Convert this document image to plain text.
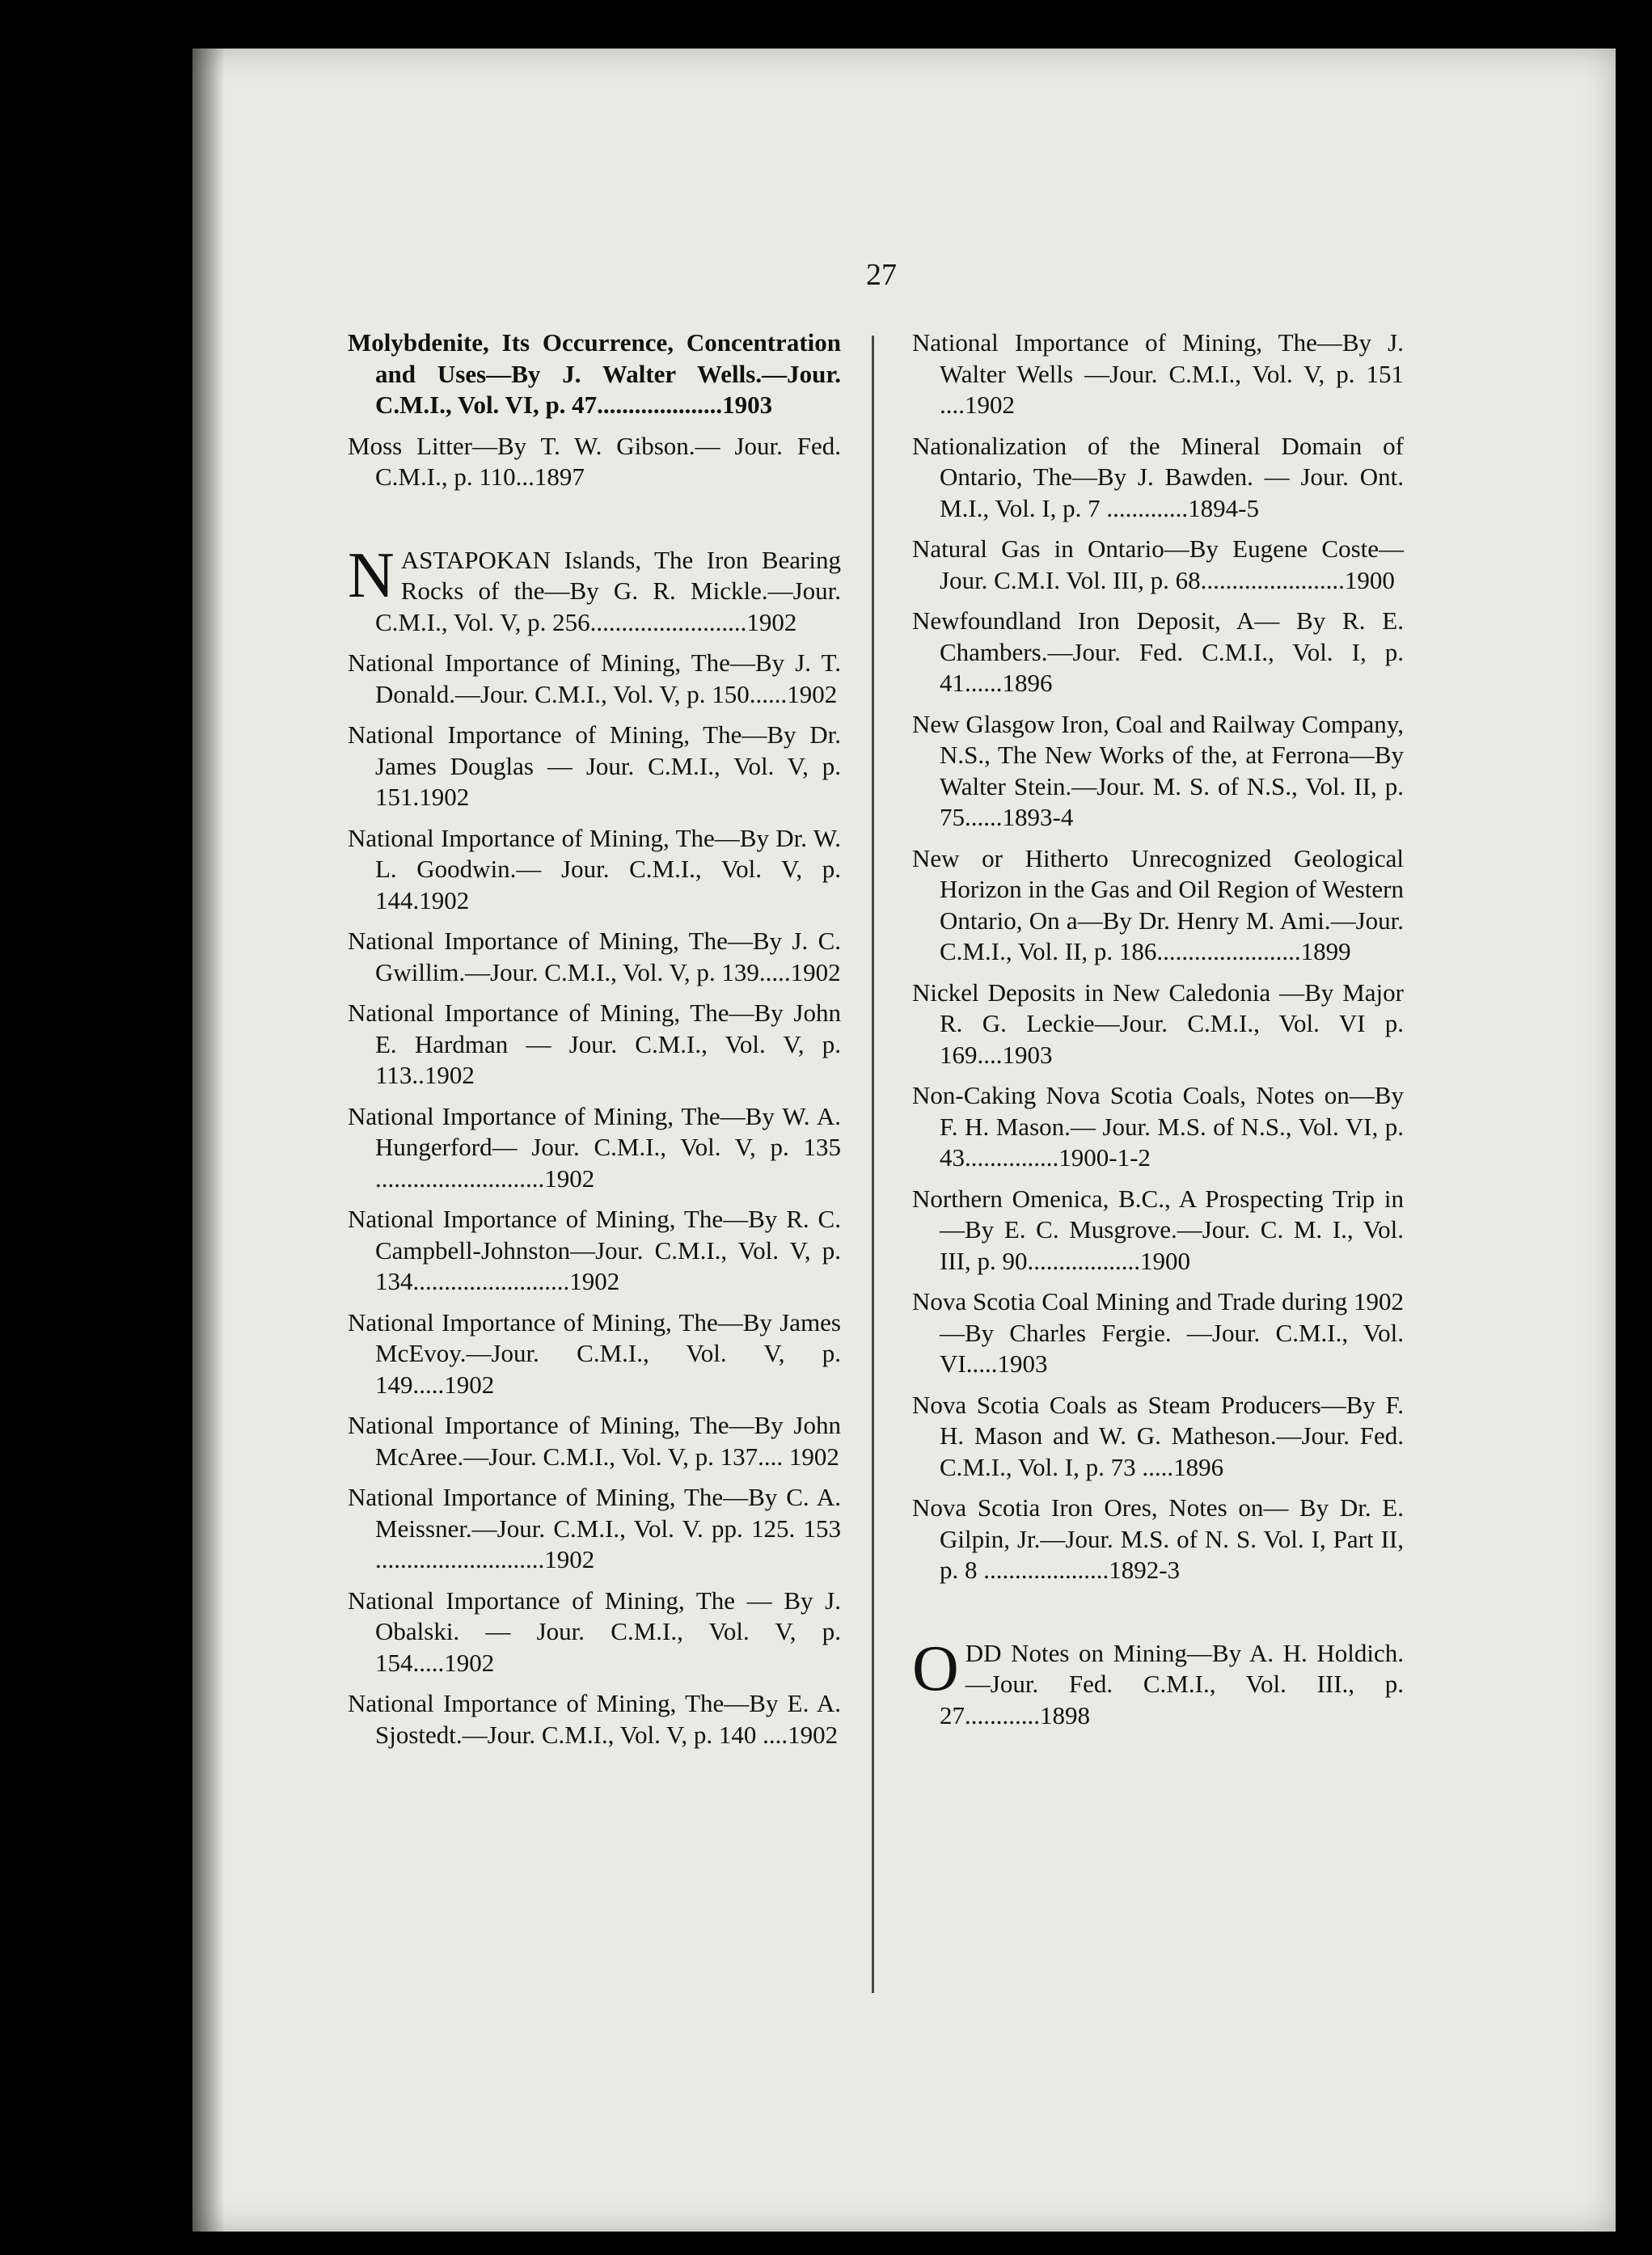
27

Molybdenite, Its Occurrence, Concentration and Uses—By J. Walter Wells.—Jour. C.M.I., Vol. VI, p. 47....................1903

Moss Litter—By T. W. Gibson.— Jour. Fed. C.M.I., p. 110...1897

NASTAPOKAN Islands, The Iron Bearing Rocks of the—By G. R. Mickle.—Jour. C.M.I., Vol. V, p. 256.........................1902

National Importance of Mining, The—By J. T. Donald.—Jour. C.M.I., Vol. V, p. 150......1902

National Importance of Mining, The—By Dr. James Douglas — Jour. C.M.I., Vol. V, p. 151.1902

National Importance of Mining, The—By Dr. W. L. Goodwin.— Jour. C.M.I., Vol. V, p. 144.1902

National Importance of Mining, The—By J. C. Gwillim.—Jour. C.M.I., Vol. V, p. 139.....1902

National Importance of Mining, The—By John E. Hardman — Jour. C.M.I., Vol. V, p. 113..1902

National Importance of Mining, The—By W. A. Hungerford— Jour. C.M.I., Vol. V, p. 135 ...........................1902

National Importance of Mining, The—By R. C. Campbell-Johnston—Jour. C.M.I., Vol. V, p. 134.........................1902

National Importance of Mining, The—By James McEvoy.—Jour. C.M.I., Vol. V, p. 149.....1902

National Importance of Mining, The—By John McAree.—Jour. C.M.I., Vol. V, p. 137.... 1902

National Importance of Mining, The—By C. A. Meissner.—Jour. C.M.I., Vol. V. pp. 125. 153 ...........................1902

National Importance of Mining, The — By J. Obalski. — Jour. C.M.I., Vol. V, p. 154.....1902

National Importance of Mining, The—By E. A. Sjostedt.—Jour. C.M.I., Vol. V, p. 140 ....1902

National Importance of Mining, The—By J. Walter Wells —Jour. C.M.I., Vol. V, p. 151 ....1902

Nationalization of the Mineral Domain of Ontario, The—By J. Bawden. — Jour. Ont. M.I., Vol. I, p. 7 .............1894-5

Natural Gas in Ontario—By Eugene Coste—Jour. C.M.I. Vol. III, p. 68.......................1900

Newfoundland Iron Deposit, A— By R. E. Chambers.—Jour. Fed. C.M.I., Vol. I, p. 41......1896

New Glasgow Iron, Coal and Railway Company, N.S., The New Works of the, at Ferrona—By Walter Stein.—Jour. M. S. of N.S., Vol. II, p. 75......1893-4

New or Hitherto Unrecognized Geological Horizon in the Gas and Oil Region of Western Ontario, On a—By Dr. Henry M. Ami.—Jour. C.M.I., Vol. II, p. 186.......................1899

Nickel Deposits in New Caledonia —By Major R. G. Leckie—Jour. C.M.I., Vol. VI p. 169....1903

Non-Caking Nova Scotia Coals, Notes on—By F. H. Mason.— Jour. M.S. of N.S., Vol. VI, p. 43...............1900-1-2

Northern Omenica, B.C., A Prospecting Trip in—By E. C. Musgrove.—Jour. C. M. I., Vol. III, p. 90..................1900

Nova Scotia Coal Mining and Trade during 1902—By Charles Fergie. —Jour. C.M.I., Vol. VI.....1903

Nova Scotia Coals as Steam Producers—By F. H. Mason and W. G. Matheson.—Jour. Fed. C.M.I., Vol. I, p. 73 .....1896

Nova Scotia Iron Ores, Notes on— By Dr. E. Gilpin, Jr.—Jour. M.S. of N. S. Vol. I, Part II, p. 8 ....................1892-3

ODD Notes on Mining—By A. H. Holdich.—Jour. Fed. C.M.I., Vol. III., p. 27............1898
